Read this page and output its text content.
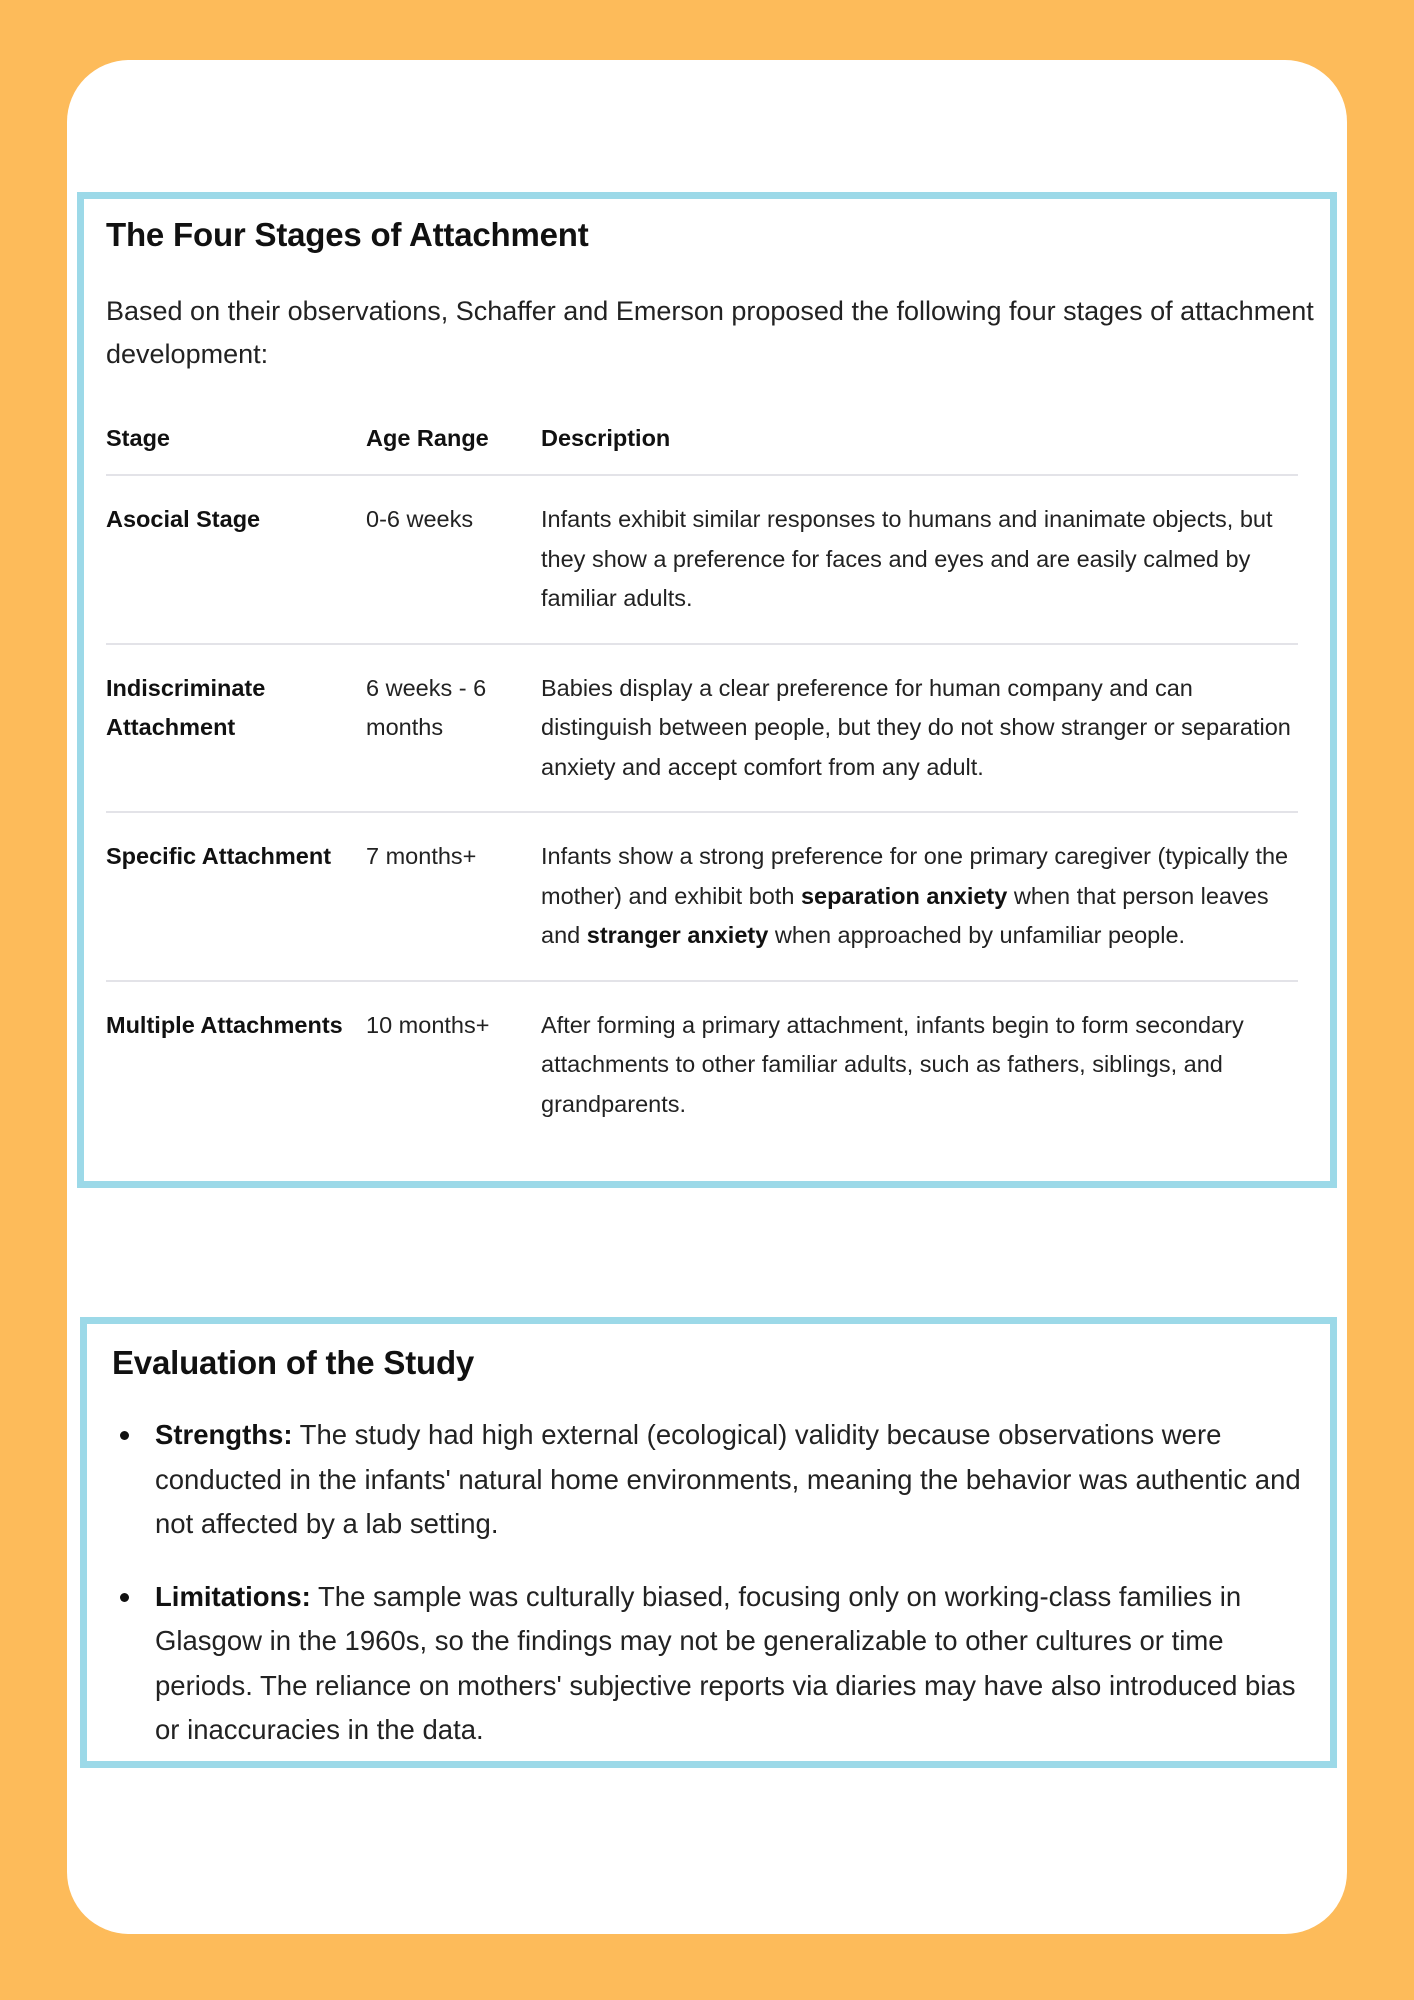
The Four Stages of Attachment

Based on their observations, Schaffer and Emerson proposed the following four stages of attachment development:

Stage	Age Range	Description
Asocial Stage	0-6 weeks	Infants exhibit similar responses to humans and inanimate objects, but they show a preference for faces and eyes and are easily calmed by familiar adults.
Indiscriminate Attachment	6 weeks - 6 months	Babies display a clear preference for human company and can distinguish between people, but they do not show stranger or separation anxiety and accept comfort from any adult.
Specific Attachment	7 months+	Infants show a strong preference for one primary caregiver (typically the mother) and exhibit both separation anxiety when that person leaves and stranger anxiety when approached by unfamiliar people.
Multiple Attachments	10 months+	After forming a primary attachment, infants begin to form secondary attachments to other familiar adults, such as fathers, siblings, and grandparents.
Evaluation of the Study
Strengths: The study had high external (ecological) validity because observations were conducted in the infants' natural home environments, meaning the behavior was authentic and not affected by a lab setting.
Limitations: The sample was culturally biased, focusing only on working-class families in Glasgow in the 1960s, so the findings may not be generalizable to other cultures or time periods. The reliance on mothers' subjective reports via diaries may have also introduced bias or inaccuracies in the data.
